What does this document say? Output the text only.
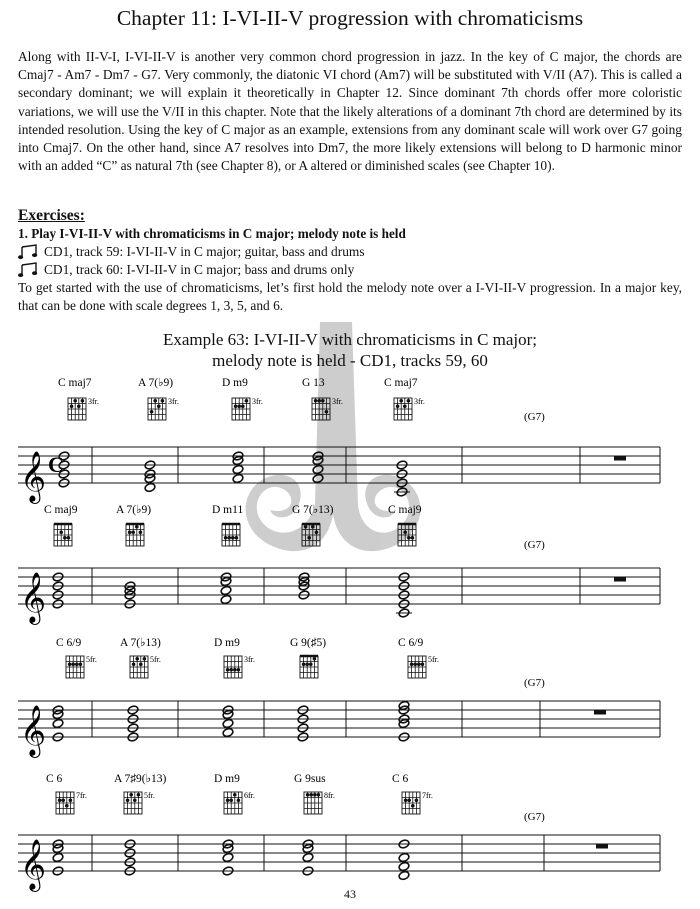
Chapter 11: I-VI-II-V progression with chromaticisms

Along with II-V-I, I-VI-II-V is another very common chord progression in jazz. In the key of C major, the chords are Cmaj7 - Am7 - Dm7 - G7. Very commonly, the diatonic VI chord (Am7) will be substituted with V/II (A7). This is called a secondary dominant; we will explain it theoretically in Chapter 12. Since dominant 7th chords offer more coloristic variations, we will use the V/II in this chapter. Note that the likely alterations of a dominant 7th chord are determined by its intended resolution. Using the key of C major as an example, extensions from any dominant scale will work over G7 going into Cmaj7. On the other hand, since A7 resolves into Dm7, the more likely extensions will belong to D harmonic minor with an added “C” as natural 7th (see Chapter 8), or A altered or diminished scales (see Chapter 10).

Exercises:
1. Play I-VI-II-V with chromaticisms in C major; melody note is held
CD1, track 59: I-VI-II-V in C major; guitar, bass and drums
CD1, track 60: I-VI-II-V in C major; bass and drums only
To get started with the use of chromaticisms, let’s first hold the melody note over a I-VI-II-V progression. In a major key, that can be done with scale degrees 1, 3, 5, and 6.
Example 63: I-VI-II-V with chromaticisms in C major;
melody note is held - CD1, tracks 59, 60
𝄞 C
(G7)
C maj7
3fr.
A 7(♭9)
3fr.
D m9
3fr.
G 13
3fr.
C maj7
3fr.
𝄞
(G7)
C maj9	A 7(♭9)	D m11	G 7(♭13)	C maj9
𝄞
(G7)
C 6/9
5fr.
A 7(♭13)
5fr.
D m9
3fr.
G 9(♯5)	C 6/9
5fr.
𝄞
(G7)
C 6
7fr.
A 7♯9(♭13)
5fr.
D m9
6fr.
G 9sus
8fr.
C 6
7fr.
43
